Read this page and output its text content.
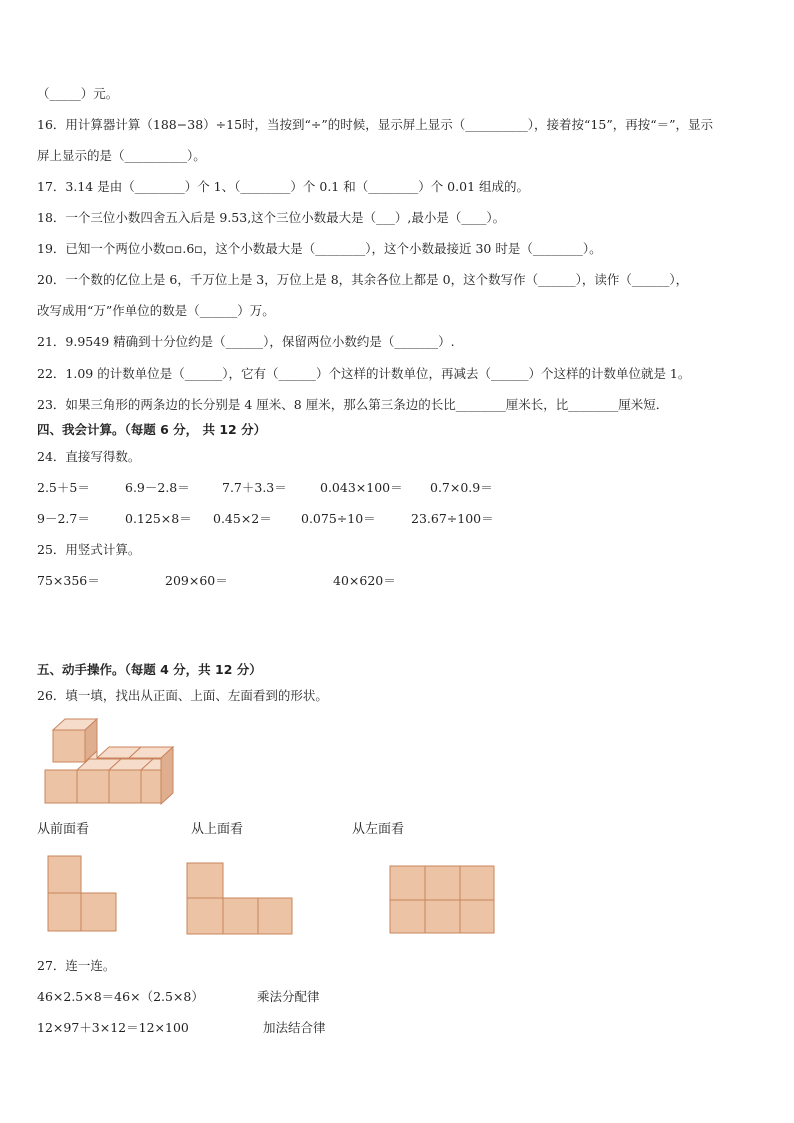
（_____）元。
16．用计算器计算（188−38）÷15时，当按到“÷”的时候，显示屏上显示（__________），接着按“15”，再按“＝”，显示
屏上显示的是（__________）。
17．3.14 是由（________）个 1、（________）个 0.1 和（________）个 0.01 组成的。
18．一个三位小数四舍五入后是 9.53,这个三位小数最大是（___）,最小是（____）。
19．已知一个两位小数▫▫.6▫，这个小数最大是（________），这个小数最接近 30 时是（________）。
20．一个数的亿位上是 6，千万位上是 3，万位上是 8，其余各位上都是 0，这个数写作（______），读作（______），
改写成用“万”作单位的数是（______）万。
21．9.9549 精确到十分位约是（______），保留两位小数约是（_______）.
22．1.09 的计数单位是（______），它有（______）个这样的计数单位，再减去（______）个这样的计数单位就是 1。
23．如果三角形的两条边的长分别是 4 厘米、8 厘米，那么第三条边的长比________厘米长，比________厘米短．
四、我会计算。（每题 6 分， 共 12 分）
24．直接写得数。
2.5＋5＝	6.9－2.8＝	7.7＋3.3＝	0.043×100＝ 0.7×0.9＝
9－2.7＝	0.125×8＝ 0.45×2＝ 0.075÷10＝	23.67÷100＝
25．用竖式计算。
75×356＝	209×60＝	40×620＝
五、动手操作。（每题 4 分，共 12 分）
26．填一填，找出从正面、上面、左面看到的形状。
从前面看	从上面看	从左面看
27．连一连。
46×2.5×8＝46×（2.5×8）	乘法分配律
12×97＋3×12＝12×100	加法结合律
